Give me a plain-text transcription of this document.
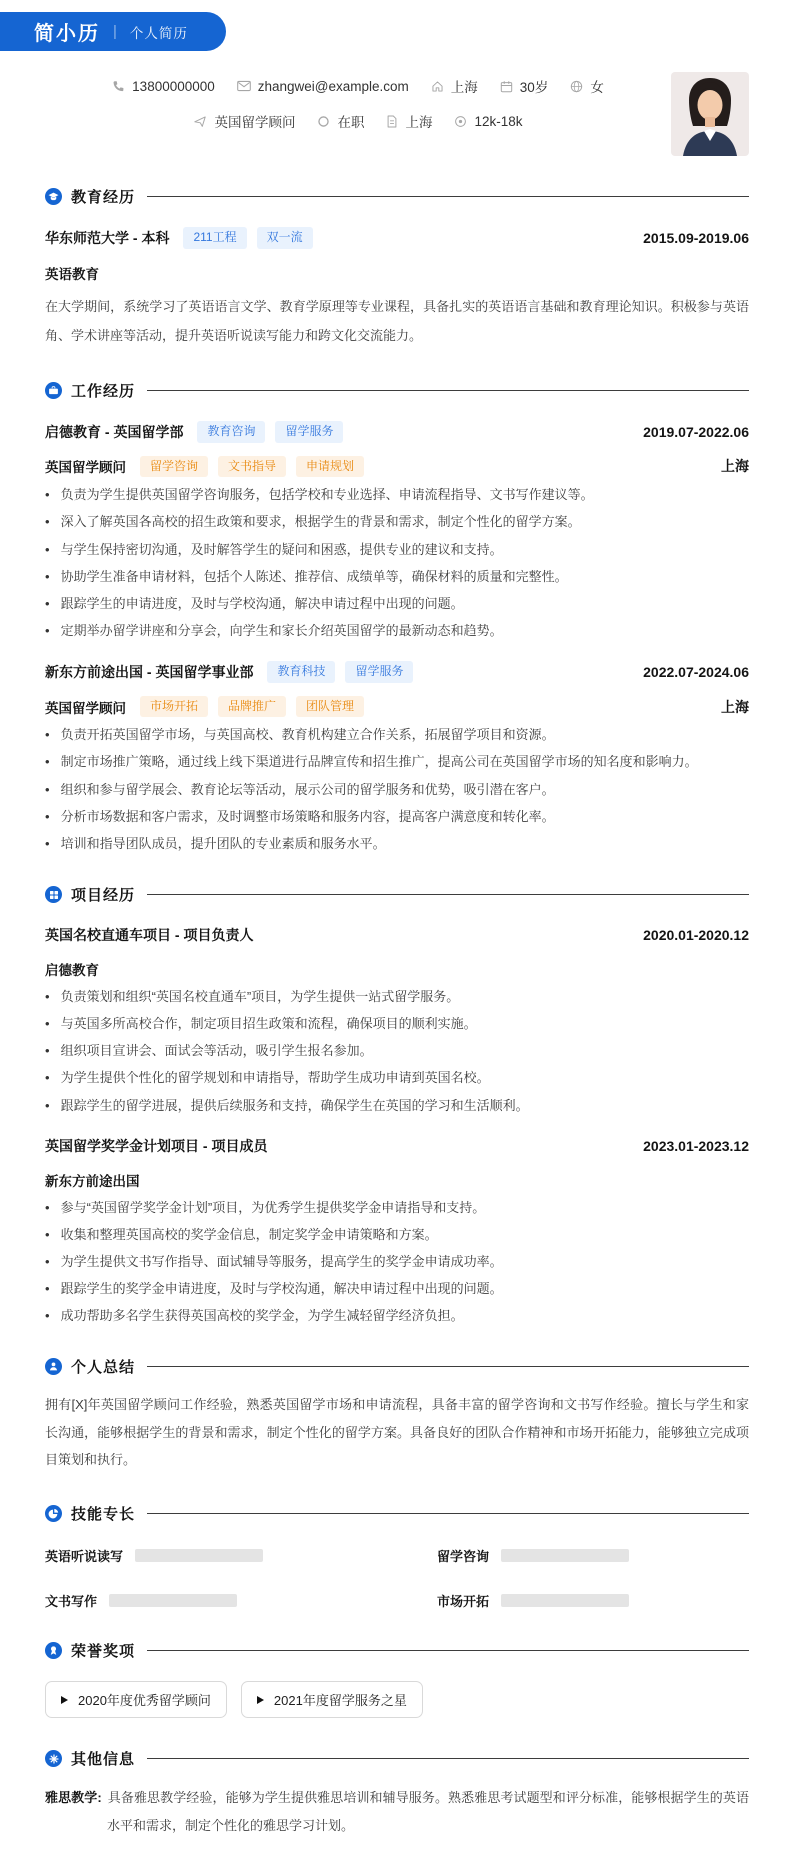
简小历 | 个人简历
13800000000	zhangwei@example.com	上海	30岁	女
英国留学顾问	在职	上海	12k-18k
教育经历
华东师范大学 - 本科	211工程	双一流	2015.09-2019.06
英语教育
在大学期间，系统学习了英语语言文学、教育学原理等专业课程，具备扎实的英语语言基础和教育理论知识。积极参与英语角、学术讲座等活动，提升英语听说读写能力和跨文化交流能力。
工作经历
启德教育 - 英国留学部	教育咨询	留学服务	2019.07-2022.06
英国留学顾问	留学咨询	文书指导	申请规划	上海
• 负责为学生提供英国留学咨询服务，包括学校和专业选择、申请流程指导、文书写作建议等。
• 深入了解英国各高校的招生政策和要求，根据学生的背景和需求，制定个性化的留学方案。
• 与学生保持密切沟通，及时解答学生的疑问和困惑，提供专业的建议和支持。
• 协助学生准备申请材料，包括个人陈述、推荐信、成绩单等，确保材料的质量和完整性。
• 跟踪学生的申请进度，及时与学校沟通，解决申请过程中出现的问题。
• 定期举办留学讲座和分享会，向学生和家长介绍英国留学的最新动态和趋势。
新东方前途出国 - 英国留学事业部	教育科技	留学服务	2022.07-2024.06
英国留学顾问	市场开拓	品牌推广	团队管理	上海
• 负责开拓英国留学市场，与英国高校、教育机构建立合作关系，拓展留学项目和资源。
• 制定市场推广策略，通过线上线下渠道进行品牌宣传和招生推广，提高公司在英国留学市场的知名度和影响力。
• 组织和参与留学展会、教育论坛等活动，展示公司的留学服务和优势，吸引潜在客户。
• 分析市场数据和客户需求，及时调整市场策略和服务内容，提高客户满意度和转化率。
• 培训和指导团队成员，提升团队的专业素质和服务水平。
项目经历
英国名校直通车项目 - 项目负责人	2020.01-2020.12
启德教育
• 负责策划和组织“英国名校直通车”项目，为学生提供一站式留学服务。
• 与英国多所高校合作，制定项目招生政策和流程，确保项目的顺利实施。
• 组织项目宣讲会、面试会等活动，吸引学生报名参加。
• 为学生提供个性化的留学规划和申请指导，帮助学生成功申请到英国名校。
• 跟踪学生的留学进展，提供后续服务和支持，确保学生在英国的学习和生活顺利。
英国留学奖学金计划项目 - 项目成员	2023.01-2023.12
新东方前途出国
• 参与“英国留学奖学金计划”项目，为优秀学生提供奖学金申请指导和支持。
• 收集和整理英国高校的奖学金信息，制定奖学金申请策略和方案。
• 为学生提供文书写作指导、面试辅导等服务，提高学生的奖学金申请成功率。
• 跟踪学生的奖学金申请进度，及时与学校沟通，解决申请过程中出现的问题。
• 成功帮助多名学生获得英国高校的奖学金，为学生减轻留学经济负担。
个人总结
拥有[X]年英国留学顾问工作经验，熟悉英国留学市场和申请流程，具备丰富的留学咨询和文书写作经验。擅长与学生和家长沟通，能够根据学生的背景和需求，制定个性化的留学方案。具备良好的团队合作精神和市场开拓能力，能够独立完成项目策划和执行。
技能专长
英语听说读写	留学咨询
文书写作	市场开拓
荣誉奖项
2020年度优秀留学顾问	2021年度留学服务之星
其他信息
雅思教学: 具备雅思教学经验，能够为学生提供雅思培训和辅导服务。熟悉雅思考试题型和评分标准，能够根据学生的英语水平和需求，制定个性化的雅思学习计划。
